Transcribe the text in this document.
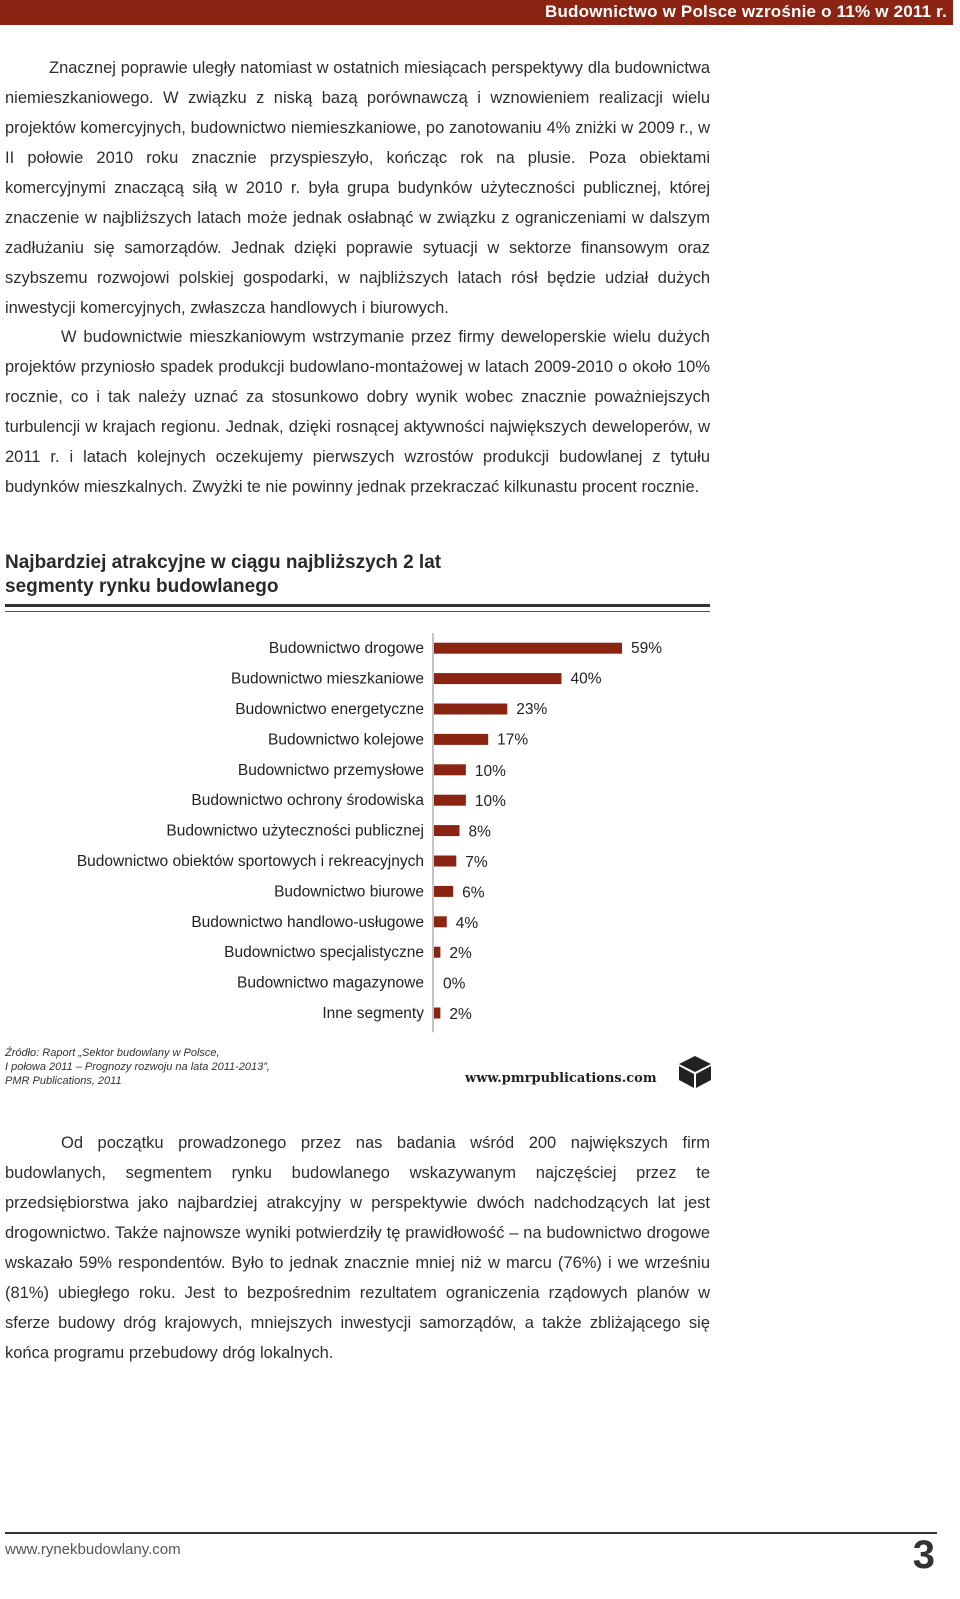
Budownictwo w Polsce wzrośnie o 11% w 2011 r.

Znacznej poprawie uległy natomiast w ostatnich miesiącach perspektywy dla budownictwa niemieszkaniowego. W związku z niską bazą porównawczą i wznowieniem realizacji wielu projektów komercyjnych, budownictwo niemieszkaniowe, po zanotowaniu 4% zniżki w 2009 r., w II połowie 2010 roku znacznie przyspieszyło, kończąc rok na plusie. Poza obiektami komercyjnymi znaczącą siłą w 2010 r. była grupa budynków użyteczności publicznej, której znaczenie w najbliższych latach może jednak osłabnąć w związku z ograniczeniami w dalszym zadłużaniu się samorządów. Jednak dzięki poprawie sytuacji w sektorze finansowym oraz szybszemu rozwojowi polskiej gospodarki, w najbliższych latach rósł będzie udział dużych inwestycji komercyjnych, zwłaszcza handlowych i biurowych.

W budownictwie mieszkaniowym wstrzymanie przez firmy deweloperskie wielu dużych projektów przyniosło spadek produkcji budowlano-montażowej w latach 2009-2010 o około 10% rocznie, co i tak należy uznać za stosunkowo dobry wynik wobec znacznie poważniejszych turbulencji w krajach regionu. Jednak, dzięki rosnącej aktywności największych deweloperów, w 2011 r. i latach kolejnych oczekujemy pierwszych wzrostów produkcji budowlanej z tytułu budynków mieszkalnych. Zwyżki te nie powinny jednak przekraczać kilkunastu procent rocznie.

Najbardziej atrakcyjne w ciągu najbliższych 2 lat segmenty rynku budowlanego
Budownictwo drogowe	59%
Budownictwo mieszkaniowe	40%
Budownictwo energetyczne	23%
Budownictwo kolejowe	17%
Budownictwo przemysłowe	10%
Budownictwo ochrony środowiska	10%
Budownictwo użyteczności publicznej	8%
Budownictwo obiektów sportowych i rekreacyjnych	7%
Budownictwo biurowe 6%
Budownictwo handlowo-usługowe 4%
Budownictwo specjalistyczne 2%
Budownictwo magazynowe 0%
Inne segmenty 2%
Źródło: Raport „Sektor budowlany w Polsce,
I połowa 2011 – Prognozy rozwoju na lata 2011-2013”,
PMR Publications, 2011	www.pmrpublications.com

Od początku prowadzonego przez nas badania wśród 200 największych firm budowlanych, segmentem rynku budowlanego wskazywanym najczęściej przez te przedsiębiorstwa jako najbardziej atrakcyjny w perspektywie dwóch nadchodzących lat jest drogownictwo. Także najnowsze wyniki potwierdziły tę prawidłowość – na budownictwo drogowe wskazało 59% respondentów. Było to jednak znacznie mniej niż w marcu (76%) i we wrześniu (81%) ubiegłego roku. Jest to bezpośrednim rezultatem ograniczenia rządowych planów w sferze budowy dróg krajowych, mniejszych inwestycji samorządów, a także zbliżającego się końca programu przebudowy dróg lokalnych.

www.rynekbudowlany.com	3
